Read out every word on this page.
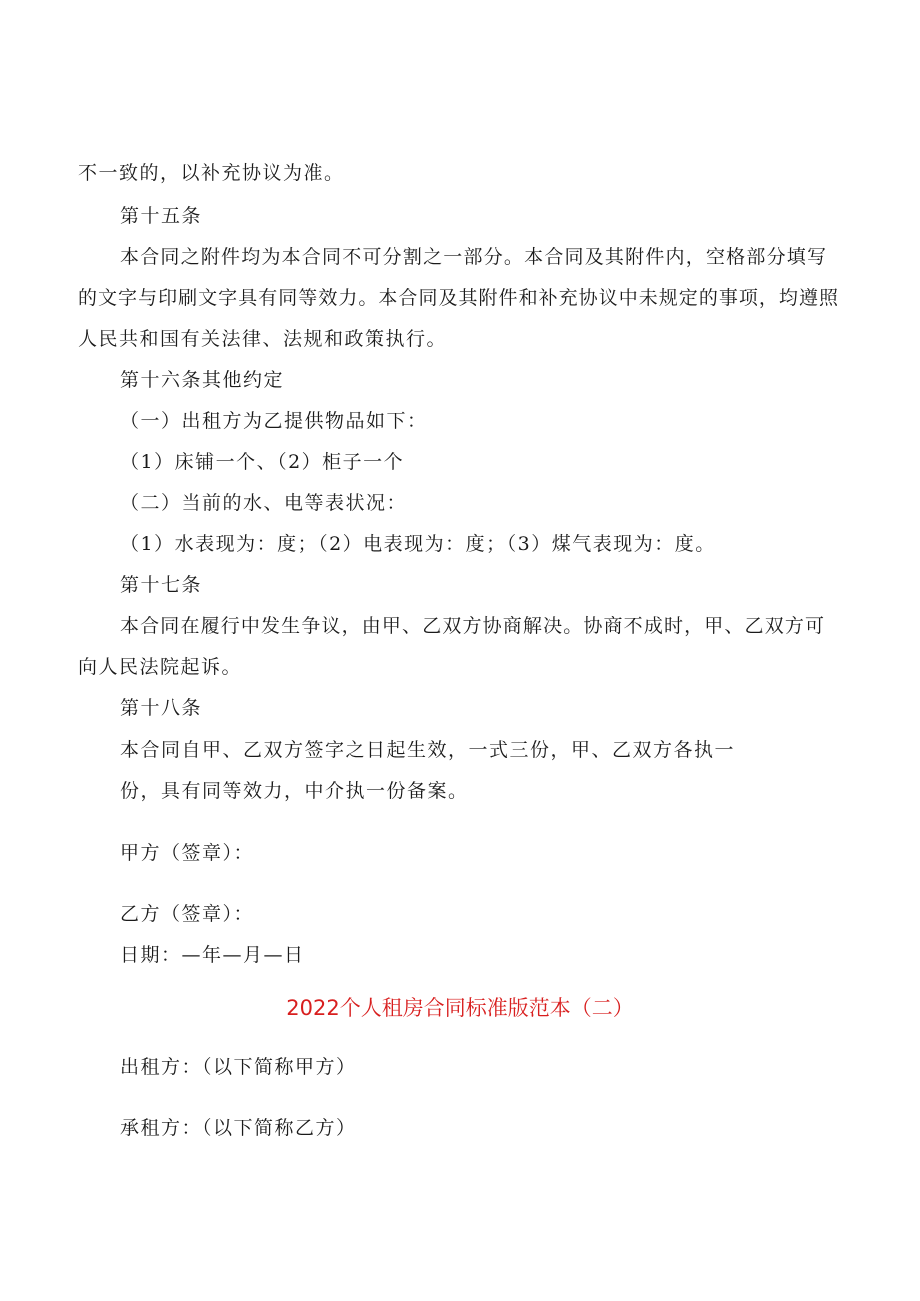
不一致的，以补充协议为准。
第十五条
本合同之附件均为本合同不可分割之一部分。本合同及其附件内，空格部分填写
的文字与印刷文字具有同等效力。本合同及其附件和补充协议中未规定的事项，均遵照
人民共和国有关法律、法规和政策执行。
第十六条其他约定
（一）出租方为乙提供物品如下：
（1）床铺一个、（2）柜子一个
（二）当前的水、电等表状况：
（1）水表现为：度；（2）电表现为：度；（3）煤气表现为：度。
第十七条
本合同在履行中发生争议，由甲、乙双方协商解决。协商不成时，甲、乙双方可
向人民法院起诉。
第十八条
本合同自甲、乙双方签字之日起生效，一式三份，甲、乙双方各执一
份，具有同等效力，中介执一份备案。
甲方（签章）：
乙方（签章）：
日期：—年—月—日
2022个人租房合同标准版范本（二）
出租方：（以下简称甲方）
承租方：（以下简称乙方）
